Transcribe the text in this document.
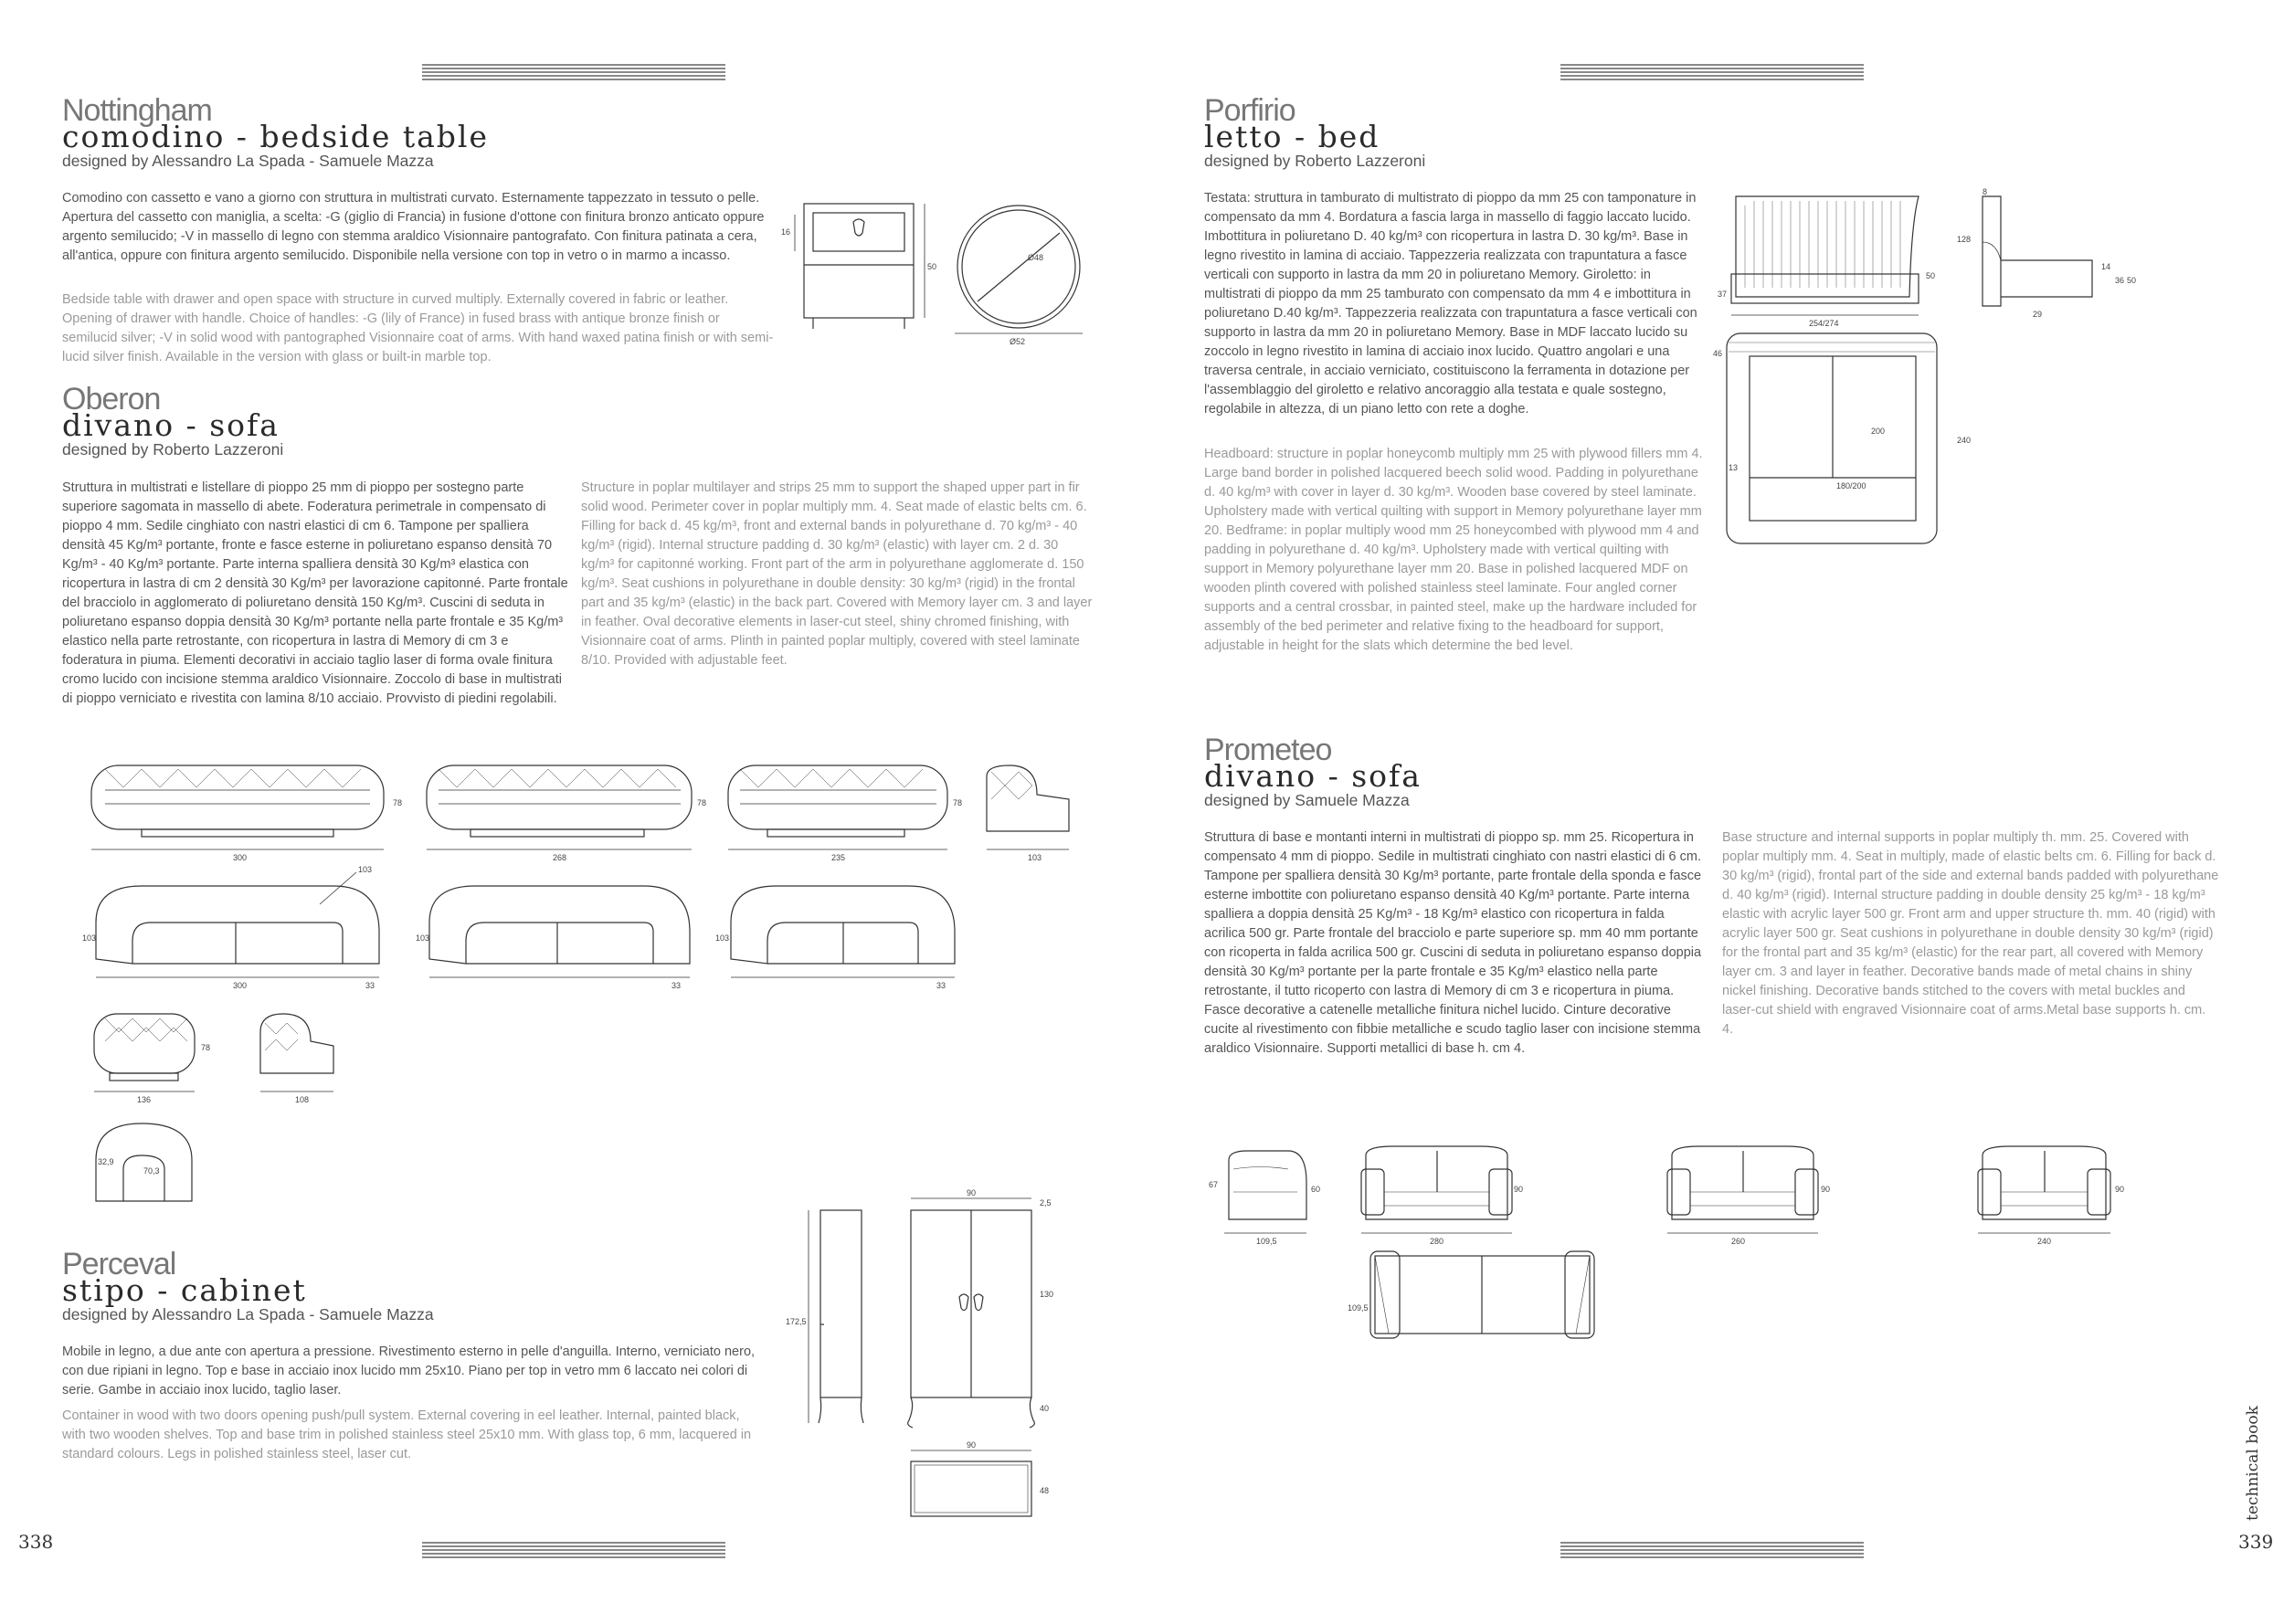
338	339
technical book
Nottingham
comodino - bedside table
designed by Alessandro La Spada - Samuele Mazza

Comodino con cassetto e vano a giorno con struttura in multistrati curvato. Esternamente tappezzato in tessuto o pelle. Apertura del cassetto con maniglia, a scelta: -G (giglio di Francia) in fusione d'ottone con finitura bronzo anticato oppure argento semilucido; -V in massello di legno con stemma araldico Visionnaire pantografato. Con finitura patinata a cera, all'antica, oppure con finitura argento semilucido. Disponibile nella versione con top in vetro o in marmo a incasso.

Bedside table with drawer and open space with structure in curved multiply. Externally covered in fabric or leather. Opening of drawer with handle. Choice of handles: -G (lily of France) in fused brass with antique bronze finish or semilucid silver; -V in solid wood with pantographed Visionnaire coat of arms. With hand waxed patina finish or with semi-lucid silver finish. Available in the version with glass or built-in marble top.

16
50
Ø48
Ø52
Oberon
divano - sofa
designed by Roberto Lazzeroni

Struttura in multistrati e listellare di pioppo 25 mm di pioppo per sostegno parte superiore sagomata in massello di abete. Foderatura perimetrale in compensato di pioppo 4 mm. Sedile cinghiato con nastri elastici di cm 6. Tampone per spalliera densità 45 Kg/m³ portante, fronte e fasce esterne in poliuretano espanso densità 70 Kg/m³ - 40 Kg/m³ portante. Parte interna spalliera densità 30 Kg/m³ elastica con ricopertura in lastra di cm 2 densità 30 Kg/m³ per lavorazione capitonné. Parte frontale del bracciolo in agglomerato di poliuretano densità 150 Kg/m³. Cuscini di seduta in poliuretano espanso doppia densità 30 Kg/m³ portante nella parte frontale e 35 Kg/m³ elastico nella parte retrostante, con ricopertura in lastra di Memory di cm 3 e foderatura in piuma. Elementi decorativi in acciaio taglio laser di forma ovale finitura cromo lucido con incisione stemma araldico Visionnaire. Zoccolo di base in multistrati di pioppo verniciato e rivestita con lamina 8/10 acciaio. Provvisto di piedini regolabili.

Structure in poplar multilayer and strips 25 mm to support the shaped upper part in fir solid wood. Perimeter cover in poplar multiply mm. 4. Seat made of elastic belts cm. 6. Filling for back d. 45 kg/m³, front and external bands in polyurethane d. 70 kg/m³ - 40 kg/m³ (rigid). Internal structure padding d. 30 kg/m³ (elastic) with layer cm. 2 d. 30 kg/m³ for capitonné working. Front part of the arm in polyurethane agglomerate d. 150 kg/m³. Seat cushions in polyurethane in double density: 30 kg/m³ (rigid) in the frontal part and 35 kg/m³ (elastic) in the back part. Covered with Memory layer cm. 3 and layer in feather. Oval decorative elements in laser-cut steel, shiny chromed finishing, with Visionnaire coat of arms. Plinth in painted poplar multiply, covered with steel laminate 8/10. Provided with adjustable feet.

300
78
268
78
235
78
103
103
103
300	33
103
33
103
33
136
78
108
32,9
70,3
Perceval
stipo - cabinet
designed by Alessandro La Spada - Samuele Mazza

Mobile in legno, a due ante con apertura a pressione. Rivestimento esterno in pelle d'anguilla. Interno, verniciato nero, con due ripiani in legno. Top e base in acciaio inox lucido mm 25x10. Piano per top in vetro mm 6 laccato nei colori di serie. Gambe in acciaio inox lucido, taglio laser.

Container in wood with two doors opening push/pull system. External covering in eel leather. Internal, painted black, with two wooden shelves. Top and base trim in polished stainless steel 25x10 mm. With glass top, 6 mm, lacquered in standard colours. Legs in polished stainless steel, laser cut.

172,5
90
2,5
130
40
90
48
Porfirio
letto - bed
designed by Roberto Lazzeroni

Testata: struttura in tamburato di multistrato di pioppo da mm 25 con tamponature in compensato da mm 4. Bordatura a fascia larga in massello di faggio laccato lucido. Imbottitura in poliuretano D. 40 kg/m³ con ricopertura in lastra D. 30 kg/m³. Base in legno rivestito in lamina di acciaio. Tappezzeria realizzata con trapuntatura a fasce verticali con supporto in lastra da mm 20 in poliuretano Memory. Giroletto: in multistrati di pioppo da mm 25 tamburato con compensato da mm 4 e imbottitura in poliuretano D.40 kg/m³. Tappezzeria realizzata con trapuntatura a fasce verticali con supporto in lastra da mm 20 in poliuretano Memory. Base in MDF laccato lucido su zoccolo in legno rivestito in lamina di acciaio inox lucido. Quattro angolari e una traversa centrale, in acciaio verniciato, costituiscono la ferramenta in dotazione per l'assemblaggio del giroletto e relativo ancoraggio alla testata e quale sostegno, regolabile in altezza, di un piano letto con rete a doghe.

Headboard: structure in poplar honeycomb multiply mm 25 with plywood fillers mm 4. Large band border in polished lacquered beech solid wood. Padding in polyurethane d. 40 kg/m³ with cover in layer d. 30 kg/m³. Wooden base covered by steel laminate. Upholstery made with vertical quilting with support in Memory polyurethane layer mm 20. Bedframe: in poplar multiply wood mm 25 honeycombed with plywood mm 4 and padding in polyurethane d. 40 kg/m³. Upholstery made with vertical quilting with support in Memory polyurethane layer mm 20. Base in polished lacquered MDF on wooden plinth covered with polished stainless steel laminate. Four angled corner supports and a central crossbar, in painted steel, make up the hardware included for assembly of the bed perimeter and relative fixing to the headboard for support, adjustable in height for the slats which determine the bed level.

254/274
37
50
128
8
14
36 50
29
46
200
240
13
180/200
Prometeo
divano - sofa
designed by Samuele Mazza

Struttura di base e montanti interni in multistrati di pioppo sp. mm 25. Ricopertura in compensato 4 mm di pioppo. Sedile in multistrati cinghiato con nastri elastici di 6 cm. Tampone per spalliera densità 30 Kg/m³ portante, parte frontale della sponda e fasce esterne imbottite con poliuretano espanso densità 40 Kg/m³ portante. Parte interna spalliera a doppia densità 25 Kg/m³ - 18 Kg/m³ elastico con ricopertura in falda acrilica 500 gr. Parte frontale del bracciolo e parte superiore sp. mm 40 mm portante con ricoperta in falda acrilica 500 gr. Cuscini di seduta in poliuretano espanso doppia densità 30 Kg/m³ portante per la parte frontale e 35 Kg/m³ elastico nella parte retrostante, il tutto ricoperto con lastra di Memory di cm 3 e ricopertura in piuma. Fasce decorative a catenelle metalliche finitura nichel lucido. Cinture decorative cucite al rivestimento con fibbie metalliche e scudo taglio laser con incisione stemma araldico Visionnaire. Supporti metallici di base h. cm 4.

Base structure and internal supports in poplar multiply th. mm. 25. Covered with poplar multiply mm. 4. Seat in multiply, made of elastic belts cm. 6. Filling for back d. 30 kg/m³ (rigid), frontal part of the side and external bands padded with polyurethane d. 40 kg/m³ (rigid). Internal structure padding in double density 25 kg/m³ - 18 kg/m³ elastic with acrylic layer 500 gr. Front arm and upper structure th. mm. 40 (rigid) with acrylic layer 500 gr. Seat cushions in polyurethane in double density 30 kg/m³ (rigid) for the frontal part and 35 kg/m³ (elastic) for the rear part, all covered with Memory layer cm. 3 and layer in feather. Decorative bands made of metal chains in shiny nickel finishing. Decorative bands stitched to the covers with metal buckles and laser-cut shield with engraved Visionnaire coat of arms.Metal base supports h. cm. 4.

109,5
67	60
280
90
260
90
240
90
109,5
